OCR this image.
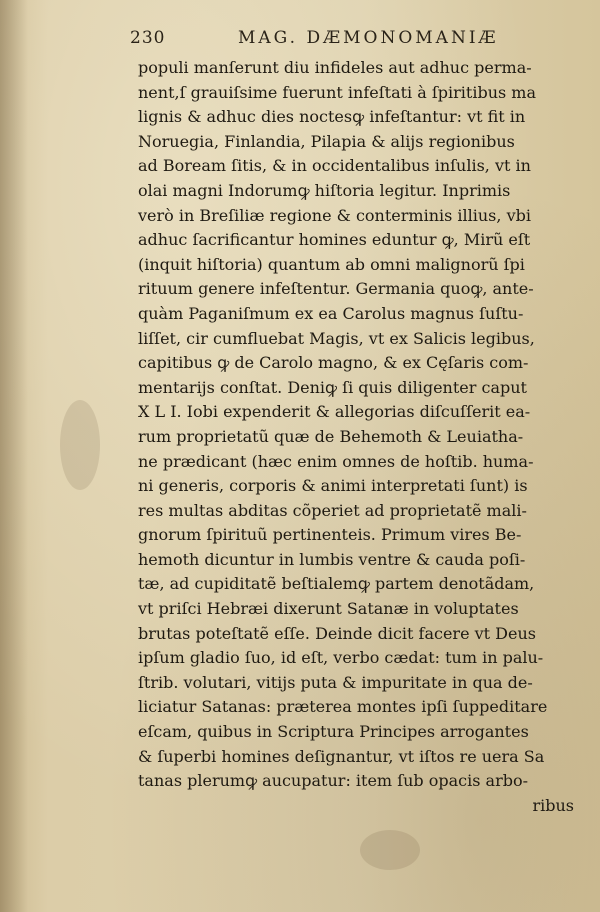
230	MAG. DÆMONOMANIÆ
populi manſerunt diu infideles aut adhuc perma-
nent,ſ grauiſsime fuerunt infeſtati à ſpiritibus ma
lignis & adhuc dies noctesꝙ infeſtantur: vt fit in
Noruegia, Finlandia, Pilapia & alijs regionibus
ad Boream ſitis, & in occidentalibus inſulis, vt in
olai magni Indorumꝙ hiſtoria legitur. Inprimis
verò in Breſiliæ regione & conterminis illius, vbi
adhuc ſacrificantur homines eduntur ꝙ, Mirũ eſt
(inquit hiſtoria) quantum ab omni malignorũ ſpi
rituum genere infeſtentur. Germania quoꝙ, ante-
quàm Paganiſmum ex ea Carolus magnus ſuſtu-
liſſet, cir cumfluebat Magis, vt ex Salicis legibus,
capitibus ꝙ de Carolo magno, & ex Cęſaris com-
mentarijs conſtat. Deniꝙ ſi quis diligenter caput
X L I. Iobi expenderit & allegorias diſcuſſerit ea-
rum proprietatũ quæ de Behemoth & Leuiatha-
ne prædicant (hæc enim omnes de hoſtib. huma-
ni generis, corporis & animi interpretati ſunt) is
res multas abditas cõperiet ad proprietatẽ mali-
gnorum ſpirituũ pertinenteis. Primum vires Be-
hemoth dicuntur in lumbis ventre & cauda poſi-
tæ, ad cupiditatẽ beſtialemꝙ partem denotãdam,
vt priſci Hebræi dixerunt Satanæ in voluptates
brutas poteſtatẽ eſſe. Deinde dicit facere vt Deus
ipſum gladio ſuo, id eſt, verbo cædat: tum in palu-
ſtrib. volutari, vitijs puta & impuritate in qua de-
liciatur Satanas: præterea montes ipſi ſuppeditare
eſcam, quibus in Scriptura Principes arrogantes
& ſuperbi homines deſignantur, vt iſtos re uera Sa
tanas plerumꝙ aucupatur: item ſub opacis arbo-
ribus
